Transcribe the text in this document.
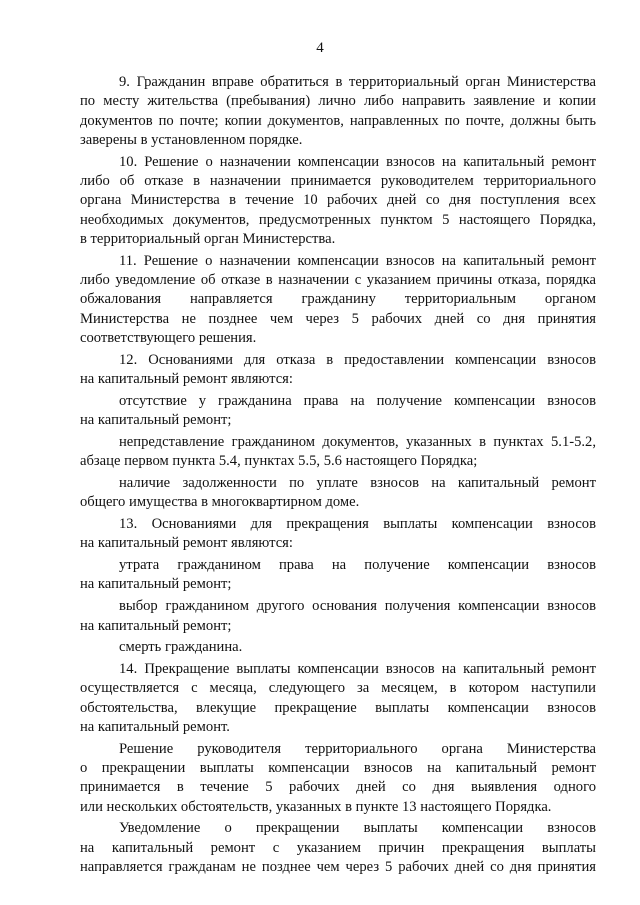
4

9. Гражданин вправе обратиться в территориальный орган Министерства
по месту жительства (пребывания) лично либо направить заявление и копии
документов по почте; копии документов, направленных по почте, должны быть
заверены в установленном порядке.

10. Решение о назначении компенсации взносов на капитальный ремонт
либо об отказе в назначении принимается руководителем территориального
органа Министерства в течение 10 рабочих дней со дня поступления всех
необходимых документов, предусмотренных пунктом 5 настоящего Порядка,
в территориальный орган Министерства.

11. Решение о назначении компенсации взносов на капитальный ремонт
либо уведомление об отказе в назначении с указанием причины отказа, порядка
обжалования направляется гражданину территориальным органом
Министерства не позднее чем через 5 рабочих дней со дня принятия
соответствующего решения.

12. Основаниями для отказа в предоставлении компенсации взносов
на капитальный ремонт являются:

отсутствие у гражданина права на получение компенсации взносов
на капитальный ремонт;

непредставление гражданином документов, указанных в пунктах 5.1-5.2,
абзаце первом пункта 5.4, пунктах 5.5, 5.6 настоящего Порядка;

наличие задолженности по уплате взносов на капитальный ремонт
общего имущества в многоквартирном доме.

13. Основаниями для прекращения выплаты компенсации взносов
на капитальный ремонт являются:

утрата гражданином права на получение компенсации взносов
на капитальный ремонт;

выбор гражданином другого основания получения компенсации взносов
на капитальный ремонт;

смерть гражданина.

14. Прекращение выплаты компенсации взносов на капитальный ремонт
осуществляется с месяца, следующего за месяцем, в котором наступили
обстоятельства, влекущие прекращение выплаты компенсации взносов
на капитальный ремонт.

Решение руководителя территориального органа Министерства
о прекращении выплаты компенсации взносов на капитальный ремонт
принимается в течение 5 рабочих дней со дня выявления одного
или нескольких обстоятельств, указанных в пункте 13 настоящего Порядка.

Уведомление о прекращении выплаты компенсации взносов
на капитальный ремонт с указанием причин прекращения выплаты
направляется гражданам не позднее чем через 5 рабочих дней со дня принятия
